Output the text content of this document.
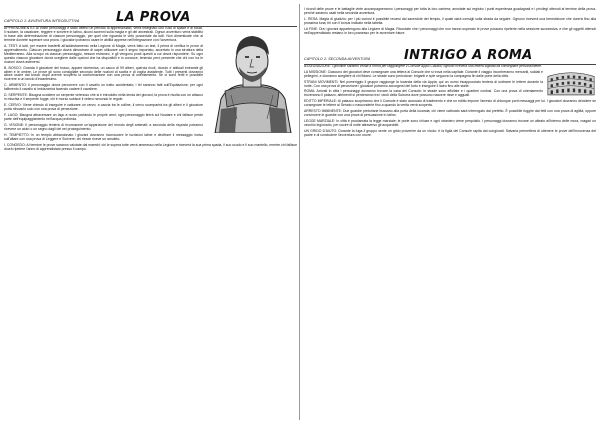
CAPITOLO 1: AVVENTURA INTRODUTTIVA	LA PROVA

APPRENDIMENTO: Ai vostri personaggi è stato offerto un periodo di apprendistato, verrà insegnato loro l'uso di spade e di scudi, il nuotare, la cavalcare, reggere e scrivere in latino, alcuni accenni sulla magia e gli dei ancestrali. Ognun avventuro verrà stabilito in base alla determinazione di ciascun personaggio, per quel che riguarda le virtù possedute da tutti. Non dimenticate che al termine dovrete superare una prova. I giocatori potranno usare le abilità apprese nell'integrazione con l'avventura.

A. TEST: A tutti, per essere trasferiti all'addestramento nella Legione di Magia, verrà fatto un test, il prima di verifica le prove di apprendimento. Ciascun personaggio dovrà dimostrare di saper utilizzare con il segno importato, accertato in una struttura della Mediterraneo. Alla scrupo va ciascun personaggio, nessun estraneo, e gli vengono posti quesiti a cui dovrà rispondere. Su ogni quesito ciascun giocatore dovrà scegliere dalle opzioni che ha disponibili e lo conosce, tenendo però presente che chi non ha le nozioni dovrà astenersi.

B. BOSCO: Guarda il giocatore del bosco, appare domenica, un cacco di 99 alberi, quercia ricoli, ricordo e abituali entrambi gli alberi e le ombre. Le prove gli sono consigliate secondo delle nozioni di scotta e di voglia assistente. Tutti i presenti dovranno allora uscire dal bosco dopo averne scoperto la conformazione con una prova di orientamento. Se ci sono feriti è possibile ricorrere a un lancio d'incantesimo.

C. ARMENTO: il personaggio dovrà percorrere con il cavallo un tratto accidentato; i tiri saranno fatti sull'Equitazione; per ogni fallimento il cavallo si imbizzarrirà facendo cadere il cavaliere.

D. SERPENTE: Bisogna uccidere un serpente velenoso che si è introdotto nella tenda dei giovani; la prova è risolta con un attacco in mischia e il serpente fugge, chi è morso subisce il veleno secondo le regole.

E. CERVO: Viene chiesto di inseguire e catturare un cervo; a caccia tra le colline, il cervo scomparirà tra gli alberi e il giocatore potrà ritrovarlo solo con una prova di percezione.

F. LAGO: Bisogna attraversare un lago a nuoto portando le proprie armi; ogni personaggio tirerà sul Nuotare e chi fallisce perde parte dell'equipaggiamento nell'acqua profonda.

G. VISIONE: Il personaggio tenterà di riconoscere un'apparizione del mondo degli antenati; a seconda della risposta potranno ricevere un aiuto o un segno dagli dei nel proseguimento.

H. TEMPIETTO: In un tempio abbandonato i giovani dovranno riconoscere le iscrizioni latine e decifrare il messaggio inciso sull'altare con una prova di Leggere e Scrivere; chi riesce riceve un amuleto.

I. CONGEDO: Al termine le prove saranno valutate dai maestri; chi le supera tutte verrà ammesso nella Legione e riceverà la sua prima spada, il suo scudo e il suo mantello, mentre chi fallisce dovrà ripetere l'anno di apprendistato presso il campo.

I ricordi delle prove e le battaglie vinte accompagneranno i personaggi per tutta la loro carriera; annotate sul registro i punti esperienza guadagnati e i privilegi ottenuti al termine della prova, perché saranno usati nella seconda avventura.

L. RESA: Magia di giudizio; per i più curiosi è possibile recarsi dal sacerdote del tempio, il quale darà consigli sulla strada da seguire. Ognuno riceverà una benedizione che durerà fino alla prossima luna; tiri con il bonus indicato nella tabella.

LA FINE: Ora i giovani appartengono alla Legione di Magia. Ricordate che i personaggi che non hanno superato le prove possono ripeterle nella sessione successiva, e che gli oggetti ottenuti nell'apprendistato restano in loro possesso per le avventure future.

CAPITOLO 2: SECONDA AVVENTURA	INTRIGO A ROMA

ASSEGNAZIONE: I giocatori saranno inviati a Roma per raggiungere il Console Appio Claudio; ognuno riceverà una lettera sigillata da consegnare personalmente.

LA MISSIONE: Ciascuno dei giocatori deve consegnare una lettera al Console che si trova nella capitale. Durante il viaggio incontreranno mercanti, soldati e pellegrini, e dovranno scegliere di chi fidarsi. Le strade sono pericolose: briganti e spie seguono la compagnia fin dalle porte della città.

STRANI MOVIMENTI: Nel pomeriggio il gruppo raggiunge la locanda della via Appia; qui un uomo incappucciato tenterà di sottrarre le lettere durante la notte. Con una prova di percezione i giocatori potranno accorgersi del furto e inseguire il ladro fino alle stalle.

ROMA: Arrivati in città i personaggi dovranno trovare la casa del Console; le strade sono affollate e i quartieri confusi. Con una prova di orientamento troveranno il palazzo, altrimenti si perderanno tra i vicoli della Suburra dove possono nascere risse e agguati.

EDITTO IMPERIALE: Al palazzo scopriranno che il Console è stato accusato di tradimento e che un editto impone l'arresto di chiunque porti messaggi per lui. I giocatori dovranno decidere se consegnare le lettere al Senato o nasconderle fino a quando la verità verrà scoperta.

ARRESTO IMMINENTE: Due guardie pretoriane bussano alla porta della locanda; chi viene catturato sarà interrogato dal prefetto. È possibile fuggire dai tetti con una prova di agilità, oppure convincere le guardie con una prova di persuasione in latino.

LEGGE MARZIALE: In città è proclamata la legge marziale; le porte sono chiuse e ogni straniero viene perquisito. I personaggi dovranno trovare un alleato all'interno delle mura, magari un vecchio legionario, per uscire di notte attraverso gli acquedotti.

UN GRIDO D'AIUTO: Durante la fuga il gruppo sente un grido provenire da un vicolo: è la figlia del Console rapita dai congiurati. Salvarla permetterà di ottenere le prove dell'innocenza del padre e di concludere l'avventura con onore.
